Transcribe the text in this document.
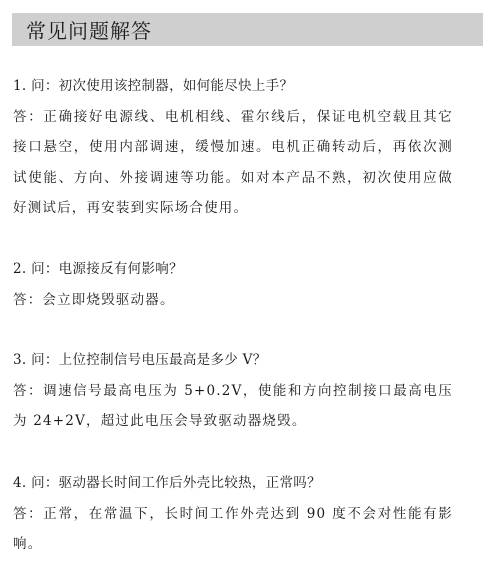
常见问题解答

1. 问：初次使用该控制器，如何能尽快上手？

答：正确接好电源线、电机相线、霍尔线后，保证电机空载且其它接口悬空，使用内部调速，缓慢加速。电机正确转动后，再依次测试使能、方向、外接调速等功能。如对本产品不熟，初次使用应做好测试后，再安装到实际场合使用。

2. 问：电源接反有何影响？

答：会立即烧毁驱动器。

3. 问：上位控制信号电压最高是多少 V？

答：调速信号最高电压为 5+0.2V，使能和方向控制接口最高电压为 24+2V，超过此电压会导致驱动器烧毁。

4. 问：驱动器长时间工作后外壳比较热，正常吗？

答：正常，在常温下，长时间工作外壳达到 90 度不会对性能有影响。
